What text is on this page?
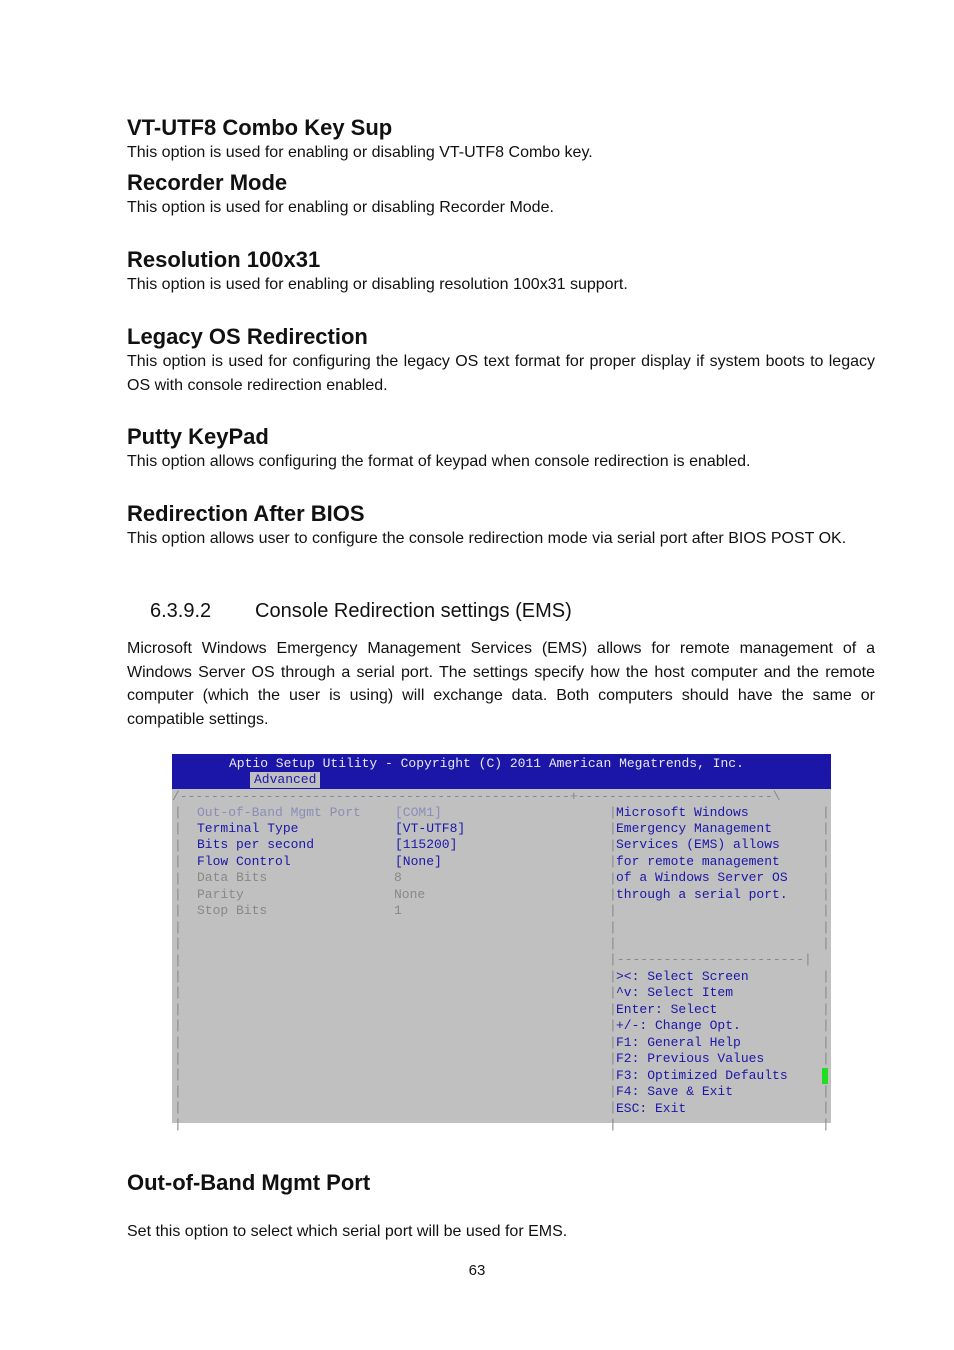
VT-UTF8 Combo Key Sup

This option is used for enabling or disabling VT-UTF8 Combo key.

Recorder Mode

This option is used for enabling or disabling Recorder Mode.

Resolution 100x31

This option is used for enabling or disabling resolution 100x31 support.

Legacy OS Redirection

This option is used for configuring the legacy OS text format for proper display if system boots to legacy OS with console redirection enabled.

Putty KeyPad

This option allows configuring the format of keypad when console redirection is enabled.

Redirection After BIOS

This option allows user to configure the console redirection mode via serial port after BIOS POST OK.

6.3.9.2 Console Redirection settings (EMS)

Microsoft Windows Emergency Management Services (EMS) allows for remote management of a Windows Server OS through a serial port. The settings specify how the host computer and the remote computer (which the user is using) will exchange data. Both computers should have the same or compatible settings.

Out-of-Band Mgmt Port

Set this option to select which serial port will be used for EMS.

Aptio Setup Utility - Copyright (C) 2011 American Megatrends, Inc.
Advanced
/--------------------------------------------------+-------------------------\
|	|	|
|	|	|
|	|	|
|	|	|
|	|	|
|	|	|
|	|	|
|	|	|
|	|	|
|
|	|	|
|	|	|
|	|	|
|	|	|
|	|	|
|	|	|
|	|
|	|	|
|	|	|
|	|	|
Out-of-Band Mgmt Port	[COM1]
Terminal Type	[VT-UTF8]
Bits per second	[115200]
Flow Control	[None]
Data Bits	8
Parity	None
Stop Bits	1
Microsoft Windows
Emergency Management
Services (EMS) allows
for remote management
of a Windows Server OS
through a serial port.
|------------------------|
><: Select Screen
^v: Select Item
Enter: Select
+/-: Change Opt.
F1: General Help
F2: Previous Values
F3: Optimized Defaults
F4: Save & Exit
ESC: Exit
63
